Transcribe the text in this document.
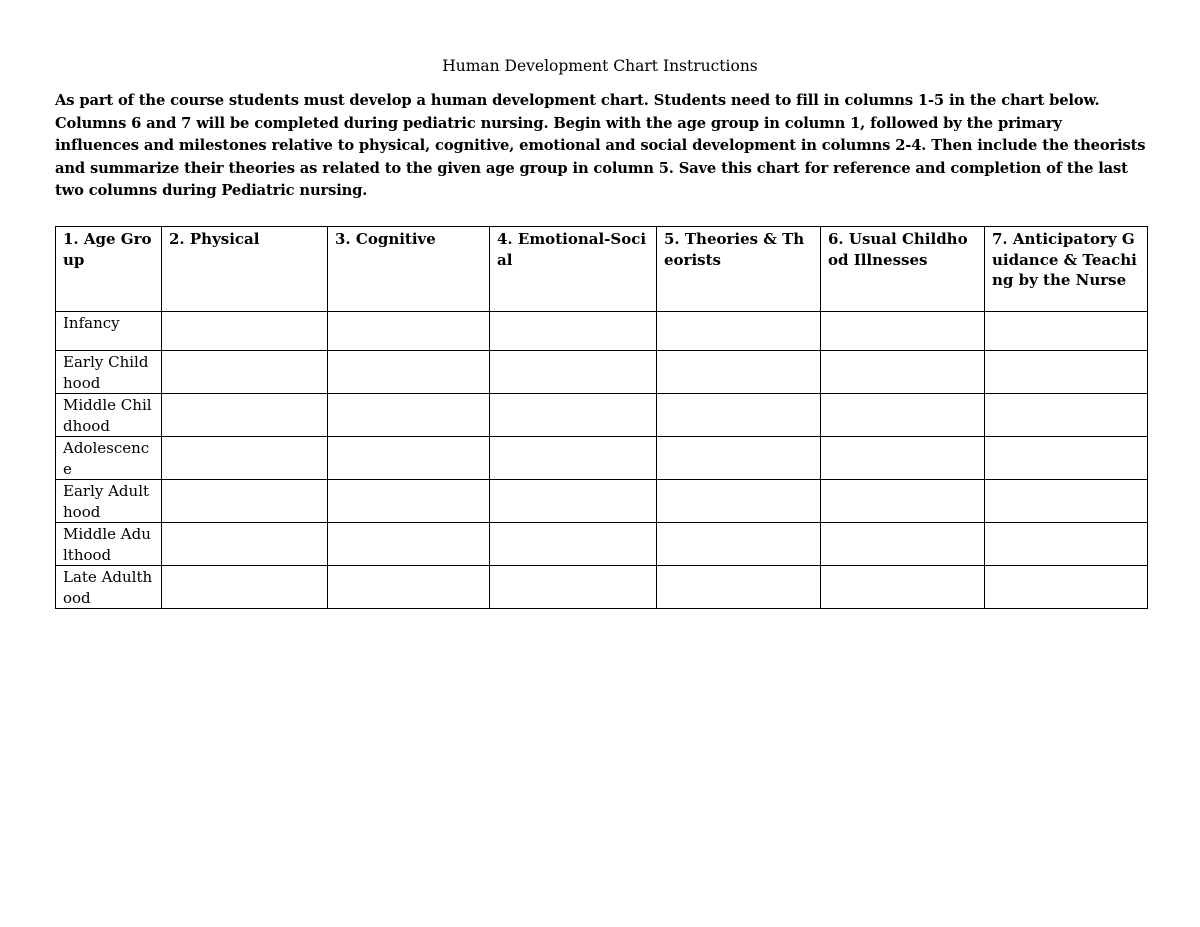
Human Development Chart Instructions

As part of the course students must develop a human development chart. Students need to fill in columns 1-5 in the chart below. Columns 6 and 7 will be completed during pediatric nursing. Begin with the age group in column 1, followed by the primary influences and milestones relative to physical, cognitive, emotional and social development in columns 2-4. Then include the theorists and summarize their theories as related to the given age group in column 5. Save this chart for reference and completion of the last two columns during Pediatric nursing.

1. Age Group	2. Physical	3. Cognitive	4. Emotional-Social	5. Theories & Theorists	6. Usual Childhood Illnesses	7. Anticipatory Guidance & Teaching by the Nurse
Infancy						
Early Childhood						
Middle Childhood						
Adolescence						
Early Adulthood						
Middle Adulthood						
Late Adulthood						
